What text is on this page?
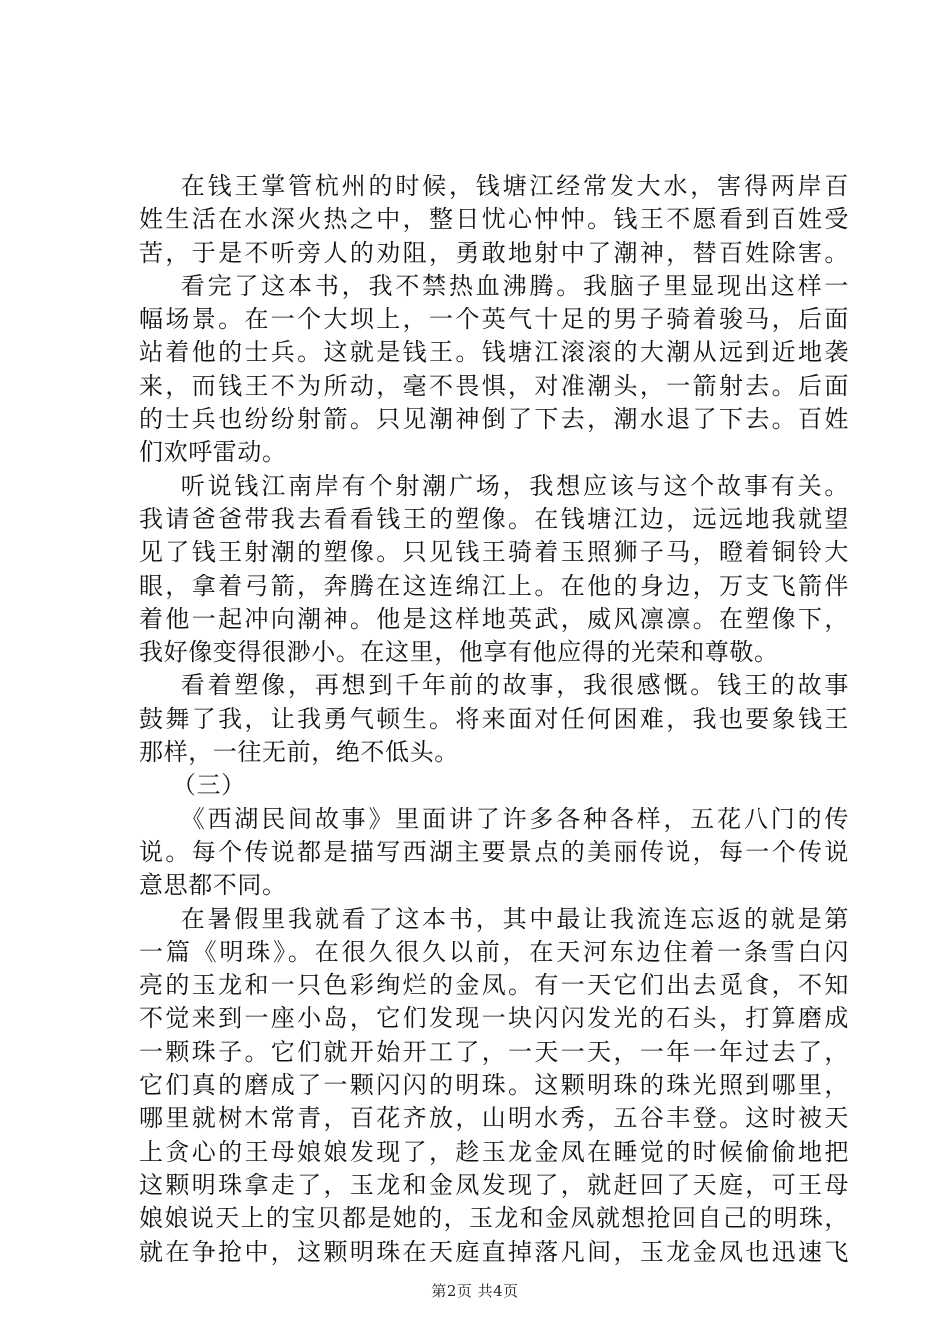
在钱王掌管杭州的时候，钱塘江经常发大水，害得两岸百
姓生活在水深火热之中，整日忧心忡忡。钱王不愿看到百姓受
苦，于是不听旁人的劝阻，勇敢地射中了潮神，替百姓除害。
看完了这本书，我不禁热血沸腾。我脑子里显现出这样一
幅场景。在一个大坝上，一个英气十足的男子骑着骏马，后面
站着他的士兵。这就是钱王。钱塘江滚滚的大潮从远到近地袭
来，而钱王不为所动，毫不畏惧，对准潮头，一箭射去。后面
的士兵也纷纷射箭。只见潮神倒了下去，潮水退了下去。百姓
们欢呼雷动。
听说钱江南岸有个射潮广场，我想应该与这个故事有关。
我请爸爸带我去看看钱王的塑像。在钱塘江边，远远地我就望
见了钱王射潮的塑像。只见钱王骑着玉照狮子马，瞪着铜铃大
眼，拿着弓箭，奔腾在这连绵江上。在他的身边，万支飞箭伴
着他一起冲向潮神。他是这样地英武，威风凛凛。在塑像下，
我好像变得很渺小。在这里，他享有他应得的光荣和尊敬。
看着塑像，再想到千年前的故事，我很感慨。钱王的故事
鼓舞了我，让我勇气顿生。将来面对任何困难，我也要象钱王
那样，一往无前，绝不低头。
（三）
《西湖民间故事》里面讲了许多各种各样，五花八门的传
说。每个传说都是描写西湖主要景点的美丽传说，每一个传说
意思都不同。
在暑假里我就看了这本书，其中最让我流连忘返的就是第
一篇《明珠》。在很久很久以前，在天河东边住着一条雪白闪
亮的玉龙和一只色彩绚烂的金凤。有一天它们出去觅食，不知
不觉来到一座小岛，它们发现一块闪闪发光的石头，打算磨成
一颗珠子。它们就开始开工了，一天一天，一年一年过去了，
它们真的磨成了一颗闪闪的明珠。这颗明珠的珠光照到哪里，
哪里就树木常青，百花齐放，山明水秀，五谷丰登。这时被天
上贪心的王母娘娘发现了，趁玉龙金凤在睡觉的时候偷偷地把
这颗明珠拿走了，玉龙和金凤发现了，就赶回了天庭，可王母
娘娘说天上的宝贝都是她的，玉龙和金凤就想抢回自己的明珠，
就在争抢中，这颗明珠在天庭直掉落凡间，玉龙金凤也迅速飞
第2页 共4页
